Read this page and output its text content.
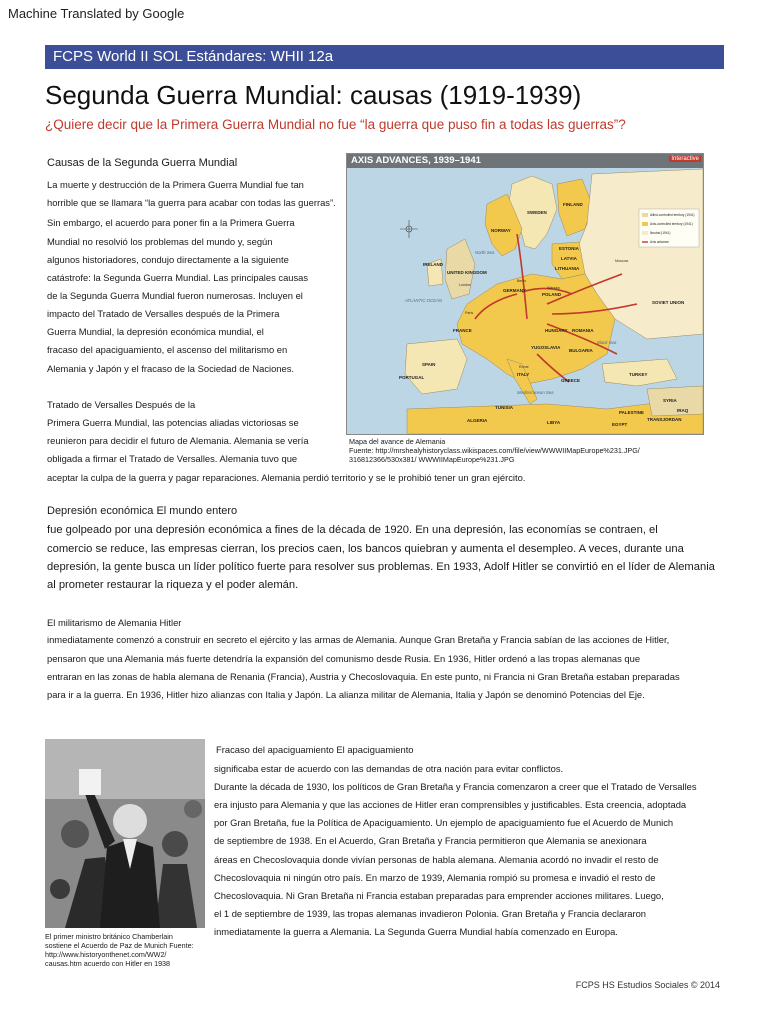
Machine Translated by Google
FCPS World II SOL Estándares: WHII 12a
Segunda Guerra Mundial: causas (1919-1939)
¿Quiere decir que la Primera Guerra Mundial no fue “la guerra que puso fin a todas las guerras”?
Causas de la Segunda Guerra Mundial
La muerte y destrucción de la Primera Guerra Mundial fue tan
horrible que se llamara “la guerra para acabar con todas las guerras”.
Sin embargo, el acuerdo para poner fin a la Primera Guerra
Mundial no resolvió los problemas del mundo y, según
algunos historiadores, condujo directamente a la siguiente
catástrofe: la Segunda Guerra Mundial. Las principales causas
de la Segunda Guerra Mundial fueron numerosas. Incluyen el
impacto del Tratado de Versalles después de la Primera
Guerra Mundial, la depresión económica mundial, el
fracaso del apaciguamiento, el ascenso del militarismo en
Alemania y Japón y el fracaso de la Sociedad de Naciones.
Tratado de Versalles Después de la
Primera Guerra Mundial, las potencias aliadas victoriosas se
reunieron para decidir el futuro de Alemania. Alemania se vería
obligada a firmar el Tratado de Versalles. Alemania tuvo que
aceptar la culpa de la guerra y pagar reparaciones. Alemania perdió territorio y se le prohibió tener un gran ejército.
Allied-controlled territory (1941)
Axis-controlled territory (1941)
Neutral (1941)
Axis advance
SWEDEN
NORWAY
FINLAND
ESTONIA
LATVIA
LITHUANIA
IRELAND
UNITED KINGDOM
GERMANY
POLAND
FRANCE
SPAIN
PORTUGAL
ITALY
HUNGARY ROMANIA
YUGOSLAVIA
BULGARIA
GREECE
TURKEY
SOVIET UNION
ALGERIA
TUNISIA
LIBYA	EGYPT
SYRIA
IRAQ
PALESTINE
TRANSJORDAN
ATLANTIC OCEAN
North Sea
Black Sea
Mediterranean Sea
London
Berlin
Paris
Rome
Warsaw
Moscow
AXIS ADVANCES, 1939–1941	Interactive
Mapa del avance de Alemania
Fuente: http://mrshealyhistoryclass.wikispaces.com/file/view/WWWIIMapEurope%231.JPG/
316812366/530x381/ WWWIIMapEurope%231.JPG
Depresión económica El mundo entero
fue golpeado por una depresión económica a fines de la década de 1920. En una depresión, las economías se contraen, el
comercio se reduce, las empresas cierran, los precios caen, los bancos quiebran y aumenta el desempleo. A veces, durante una
depresión, la gente busca un líder político fuerte para resolver sus problemas. En 1933, Adolf Hitler se convirtió en el líder de Alemania
al prometer restaurar la riqueza y el poder alemán.
El militarismo de Alemania Hitler
inmediatamente comenzó a construir en secreto el ejército y las armas de Alemania. Aunque Gran Bretaña y Francia sabían de las acciones de Hitler,
pensaron que una Alemania más fuerte detendría la expansión del comunismo desde Rusia. En 1936, Hitler ordenó a las tropas alemanas que
entraran en las zonas de habla alemana de Renania (Francia), Austria y Checoslovaquia. En este punto, ni Francia ni Gran Bretaña estaban preparadas
para ir a la guerra. En 1936, Hitler hizo alianzas con Italia y Japón. La alianza militar de Alemania, Italia y Japón se denominó Potencias del Eje.
El primer ministro británico Chamberlain
sostiene el Acuerdo de Paz de Munich Fuente:
http://www.historyonthenet.com/WW2/
causas.htm acuerdo con Hitler en 1938
Fracaso del apaciguamiento El apaciguamiento
significaba estar de acuerdo con las demandas de otra nación para evitar conflictos.
Durante la década de 1930, los políticos de Gran Bretaña y Francia comenzaron a creer que el Tratado de Versalles
era injusto para Alemania y que las acciones de Hitler eran comprensibles y justificables. Esta creencia, adoptada
por Gran Bretaña, fue la Política de Apaciguamiento. Un ejemplo de apaciguamiento fue el Acuerdo de Munich
de septiembre de 1938. En el Acuerdo, Gran Bretaña y Francia permitieron que Alemania se anexionara
áreas en Checoslovaquia donde vivían personas de habla alemana. Alemania acordó no invadir el resto de
Checoslovaquia ni ningún otro país. En marzo de 1939, Alemania rompió su promesa e invadió el resto de
Checoslovaquia. Ni Gran Bretaña ni Francia estaban preparadas para emprender acciones militares. Luego,
el 1 de septiembre de 1939, las tropas alemanas invadieron Polonia. Gran Bretaña y Francia declararon
inmediatamente la guerra a Alemania. La Segunda Guerra Mundial había comenzado en Europa.
FCPS HS Estudios Sociales © 2014
